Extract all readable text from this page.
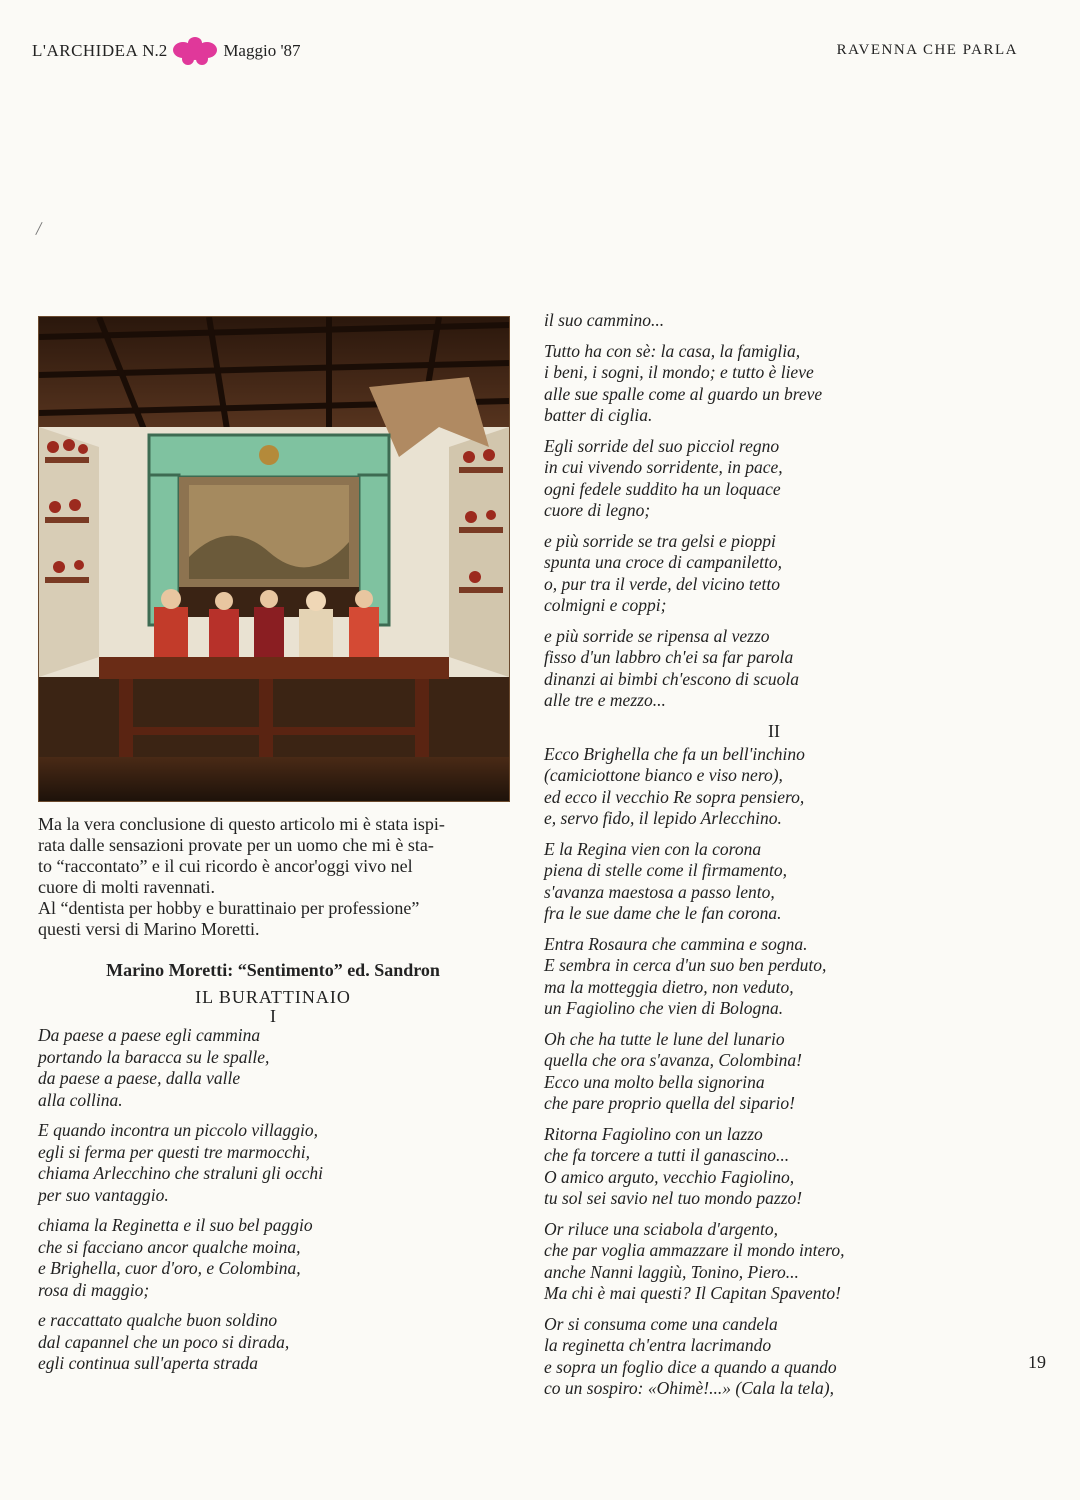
L'ARCHIDEA N.2	Maggio '87	RAVENNA CHE PARLA
/
Ma la vera conclusione di questo articolo mi è stata ispi-
rata dalle sensazioni provate per un uomo che mi è sta-
to “raccontato” e il cui ricordo è ancor'oggi vivo nel
cuore di molti ravennati.
Al “dentista per hobby e burattinaio per professione”
questi versi di Marino Moretti.
Marino Moretti: “Sentimento” ed. Sandron
IL BURATTINAIO
I
Da paese a paese egli cammina
portando la baracca su le spalle,
da paese a paese, dalla valle
alla collina.
E quando incontra un piccolo villaggio,
egli si ferma per questi tre marmocchi,
chiama Arlecchino che straluni gli occhi
per suo vantaggio.
chiama la Reginetta e il suo bel paggio
che si facciano ancor qualche moina,
e Brighella, cuor d'oro, e Colombina,
rosa di maggio;
e raccattato qualche buon soldino
dal capannel che un poco si dirada,
egli continua sull'aperta strada
il suo cammino...
Tutto ha con sè: la casa, la famiglia,
i beni, i sogni, il mondo; e tutto è lieve
alle sue spalle come al guardo un breve
batter di ciglia.
Egli sorride del suo picciol regno
in cui vivendo sorridente, in pace,
ogni fedele suddito ha un loquace
cuore di legno;
e più sorride se tra gelsi e pioppi
spunta una croce di campaniletto,
o, pur tra il verde, del vicino tetto
colmigni e coppi;
e più sorride se ripensa al vezzo
fisso d'un labbro ch'ei sa far parola
dinanzi ai bimbi ch'escono di scuola
alle tre e mezzo...
II
Ecco Brighella che fa un bell'inchino
(camiciottone bianco e viso nero),
ed ecco il vecchio Re sopra pensiero,
e, servo fido, il lepido Arlecchino.
E la Regina vien con la corona
piena di stelle come il firmamento,
s'avanza maestosa a passo lento,
fra le sue dame che le fan corona.
Entra Rosaura che cammina e sogna.
E sembra in cerca d'un suo ben perduto,
ma la motteggia dietro, non veduto,
un Fagiolino che vien di Bologna.
Oh che ha tutte le lune del lunario
quella che ora s'avanza, Colombina!
Ecco una molto bella signorina
che pare proprio quella del sipario!
Ritorna Fagiolino con un lazzo
che fa torcere a tutti il ganascino...
O amico arguto, vecchio Fagiolino,
tu sol sei savio nel tuo mondo pazzo!
Or riluce una sciabola d'argento,
che par voglia ammazzare il mondo intero,
anche Nanni laggiù, Tonino, Piero...
Ma chi è mai questi? Il Capitan Spavento!
Or si consuma come una candela
la reginetta ch'entra lacrimando
e sopra un foglio dice a quando a quando
co un sospiro: «Ohimè!...» (Cala la tela),
19
